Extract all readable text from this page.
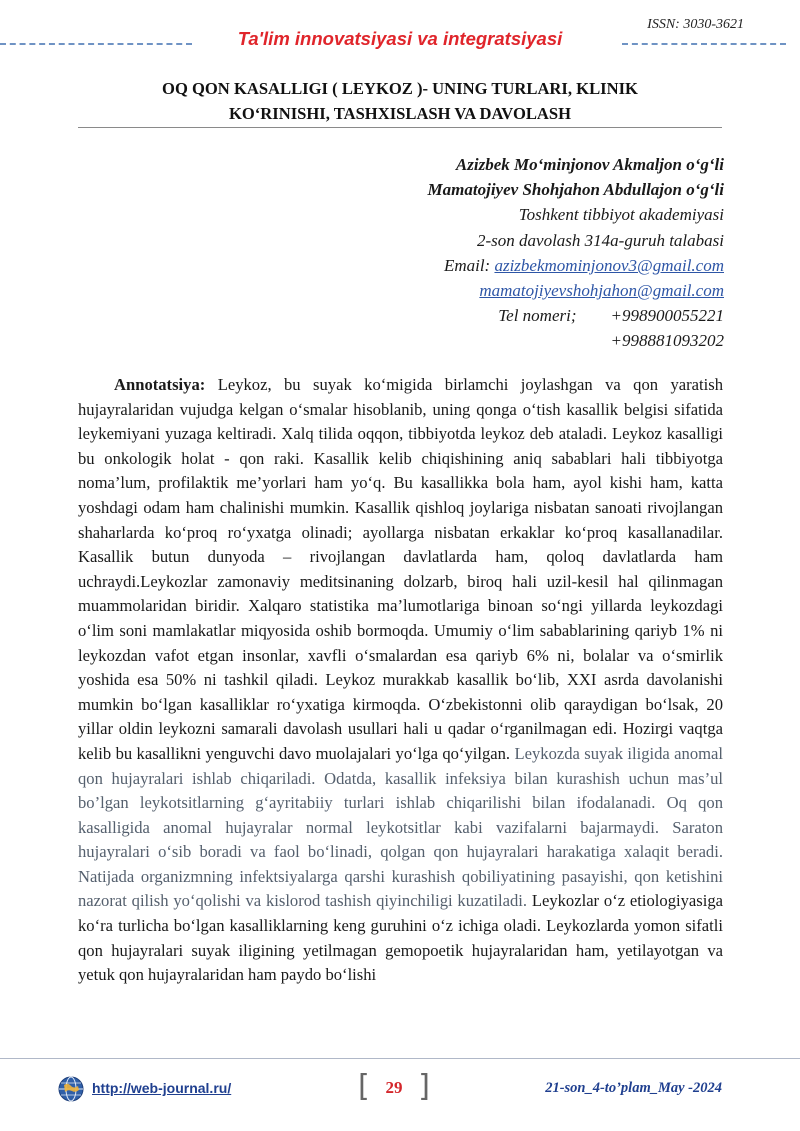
ISSN: 3030-3621
Ta'lim innovatsiyasi va integratsiyasi
OQ QON KASALLIGI ( LEYKOZ )- UNING TURLARI, KLINIK
KO‘RINISHI, TASHXISLASH VA DAVOLASH
Azizbek Mo‘minjonov Akmaljon o‘g‘li
Mamatojiyev Shohjahon Abdullajon o‘g‘li
Toshkent tibbiyot akademiyasi
2-son davolash 314a-guruh talabasi
Email: azizbekmominjonov3@gmail.com
mamatojiyevshohjahon@gmail.com
Tel nomeri; +998900055221
+998881093202

Annotatsiya: Leykoz, bu suyak ko‘migida birlamchi joylashgan va qon yaratish hujayralaridan vujudga kelgan o‘smalar hisoblanib, uning qonga o‘tish kasallik belgisi sifatida leykemiyani yuzaga keltiradi. Xalq tilida oqqon, tibbiyotda leykoz deb ataladi. Leykoz kasalligi bu onkologik holat - qon raki. Kasallik kelib chiqishining aniq sabablari hali tibbiyotga noma’lum, profilaktik me’yorlari ham yo‘q. Bu kasallikka bola ham, ayol kishi ham, katta yoshdagi odam ham chalinishi mumkin. Kasallik qishloq joylariga nisbatan sanoati rivojlangan shaharlarda ko‘proq ro‘yxatga olinadi; ayollarga nisbatan erkaklar ko‘proq kasallanadilar. Kasallik butun dunyoda – rivojlangan davlatlarda ham, qoloq davlatlarda ham uchraydi.Leykozlar zamonaviy meditsinaning dolzarb, biroq hali uzil-kesil hal qilinmagan muammolaridan biridir. Xalqaro statistika ma’lumotlariga binoan so‘ngi yillarda leykozdagi o‘lim soni mamlakatlar miqyosida oshib bormoqda. Umumiy o‘lim sabablarining qariyb 1% ni leykozdan vafot etgan insonlar, xavfli o‘smalardan esa qariyb 6% ni, bolalar va o‘smirlik yoshida esa 50% ni tashkil qiladi. Leykoz murakkab kasallik bo‘lib, XXI asrda davolanishi mumkin bo‘lgan kasalliklar ro‘yxatiga kirmoqda. O‘zbekistonni olib qaraydigan bo‘lsak, 20 yillar oldin leykozni samarali davolash usullari hali u qadar o‘rganilmagan edi. Hozirgi vaqtga kelib bu kasallikni yenguvchi davo muolajalari yo‘lga qo‘yilgan. Leykozda suyak iligida anomal qon hujayralari ishlab chiqariladi. Odatda, kasallik infeksiya bilan kurashish uchun mas’ul bo’lgan leykotsitlarning g‘ayritabiiy turlari ishlab chiqarilishi bilan ifodalanadi. Oq qon kasalligida anomal hujayralar normal leykotsitlar kabi vazifalarni bajarmaydi. Saraton hujayralari o‘sib boradi va faol bo‘linadi, qolgan qon hujayralari harakatiga xalaqit beradi. Natijada organizmning infektsiyalarga qarshi kurashish qobiliyatining pasayishi, qon ketishini nazorat qilish yo‘qolishi va kislorod tashish qiyinchiligi kuzatiladi. Leykozlar o‘z etiologiyasiga ko‘ra turlicha bo‘lgan kasalliklarning keng guruhini o‘z ichiga oladi. Leykozlarda yomon sifatli qon hujayralari suyak iligining yetilmagan gemopoetik hujayralaridan ham, yetilayotgan va yetuk qon hujayralaridan ham paydo bo‘lishi

http://web-journal.ru/	[ 29 ]	21-son_4-to’plam_May -2024
